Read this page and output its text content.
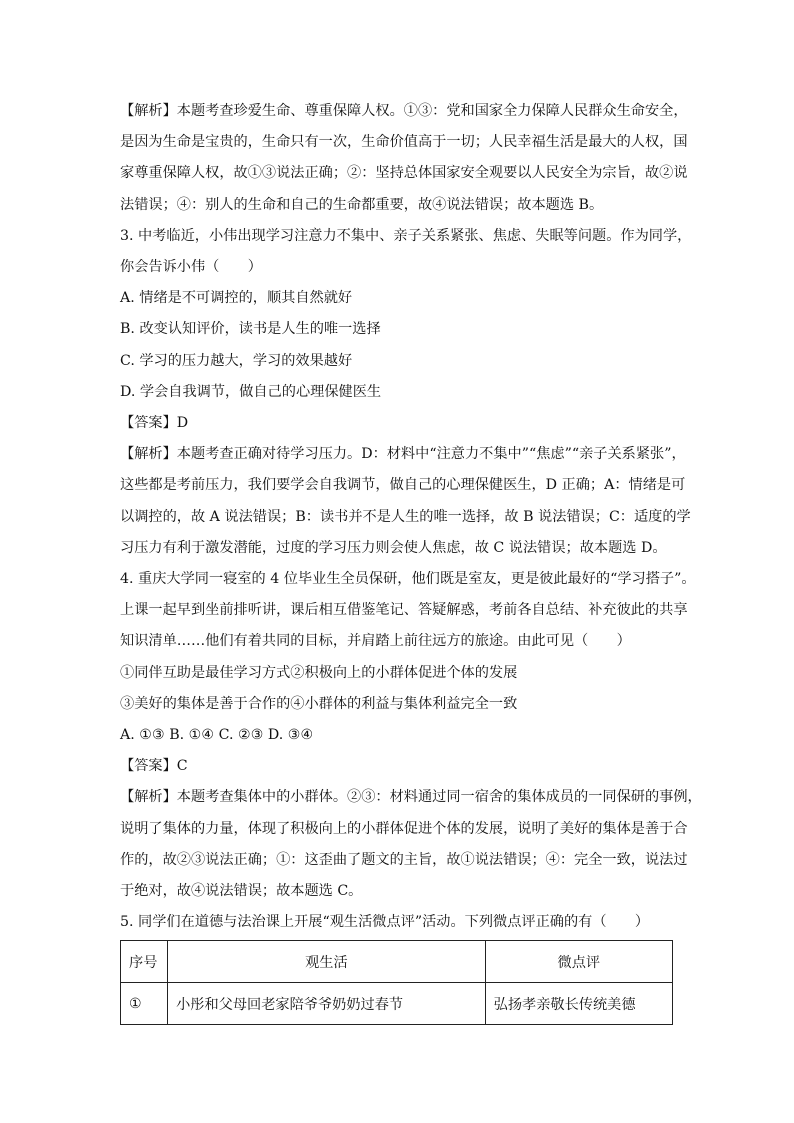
【解析】本题考查珍爱生命、尊重保障人权。①③：党和国家全力保障人民群众生命安全，
是因为生命是宝贵的，生命只有一次，生命价值高于一切；人民幸福生活是最大的人权，国
家尊重保障人权，故①③说法正确；②：坚持总体国家安全观要以人民安全为宗旨，故②说
法错误；④：别人的生命和自己的生命都重要，故④说法错误；故本题选 B。
3. 中考临近，小伟出现学习注意力不集中、亲子关系紧张、焦虑、失眠等问题。作为同学，
你会告诉小伟（　　）
A. 情绪是不可调控的，顺其自然就好
B. 改变认知评价，读书是人生的唯一选择
C. 学习的压力越大，学习的效果越好
D. 学会自我调节，做自己的心理保健医生
【答案】D
【解析】本题考查正确对待学习压力。D：材料中“注意力不集中”“焦虑”“亲子关系紧张”，
这些都是考前压力，我们要学会自我调节，做自己的心理保健医生，D 正确；A：情绪是可
以调控的，故 A 说法错误；B：读书并不是人生的唯一选择，故 B 说法错误；C：适度的学
习压力有利于激发潜能，过度的学习压力则会使人焦虑，故 C 说法错误；故本题选 D。
4. 重庆大学同一寝室的 4 位毕业生全员保研，他们既是室友，更是彼此最好的“学习搭子”。
上课一起早到坐前排听讲，课后相互借鉴笔记、答疑解惑，考前各自总结、补充彼此的共享
知识清单……他们有着共同的目标，并肩踏上前往远方的旅途。由此可见（　　）
①同伴互助是最佳学习方式②积极向上的小群体促进个体的发展
③美好的集体是善于合作的④小群体的利益与集体利益完全一致
A. ①③ B. ①④ C. ②③ D. ③④
【答案】C
【解析】本题考查集体中的小群体。②③：材料通过同一宿舍的集体成员的一同保研的事例，
说明了集体的力量，体现了积极向上的小群体促进个体的发展，说明了美好的集体是善于合
作的，故②③说法正确；①：这歪曲了题文的主旨，故①说法错误；④：完全一致，说法过
于绝对，故④说法错误；故本题选 C。
5. 同学们在道德与法治课上开展“观生活微点评”活动。下列微点评正确的有（　　）
序号	观生活	微点评
①	小彤和父母回老家陪爷爷奶奶过春节	弘扬孝亲敬长传统美德
